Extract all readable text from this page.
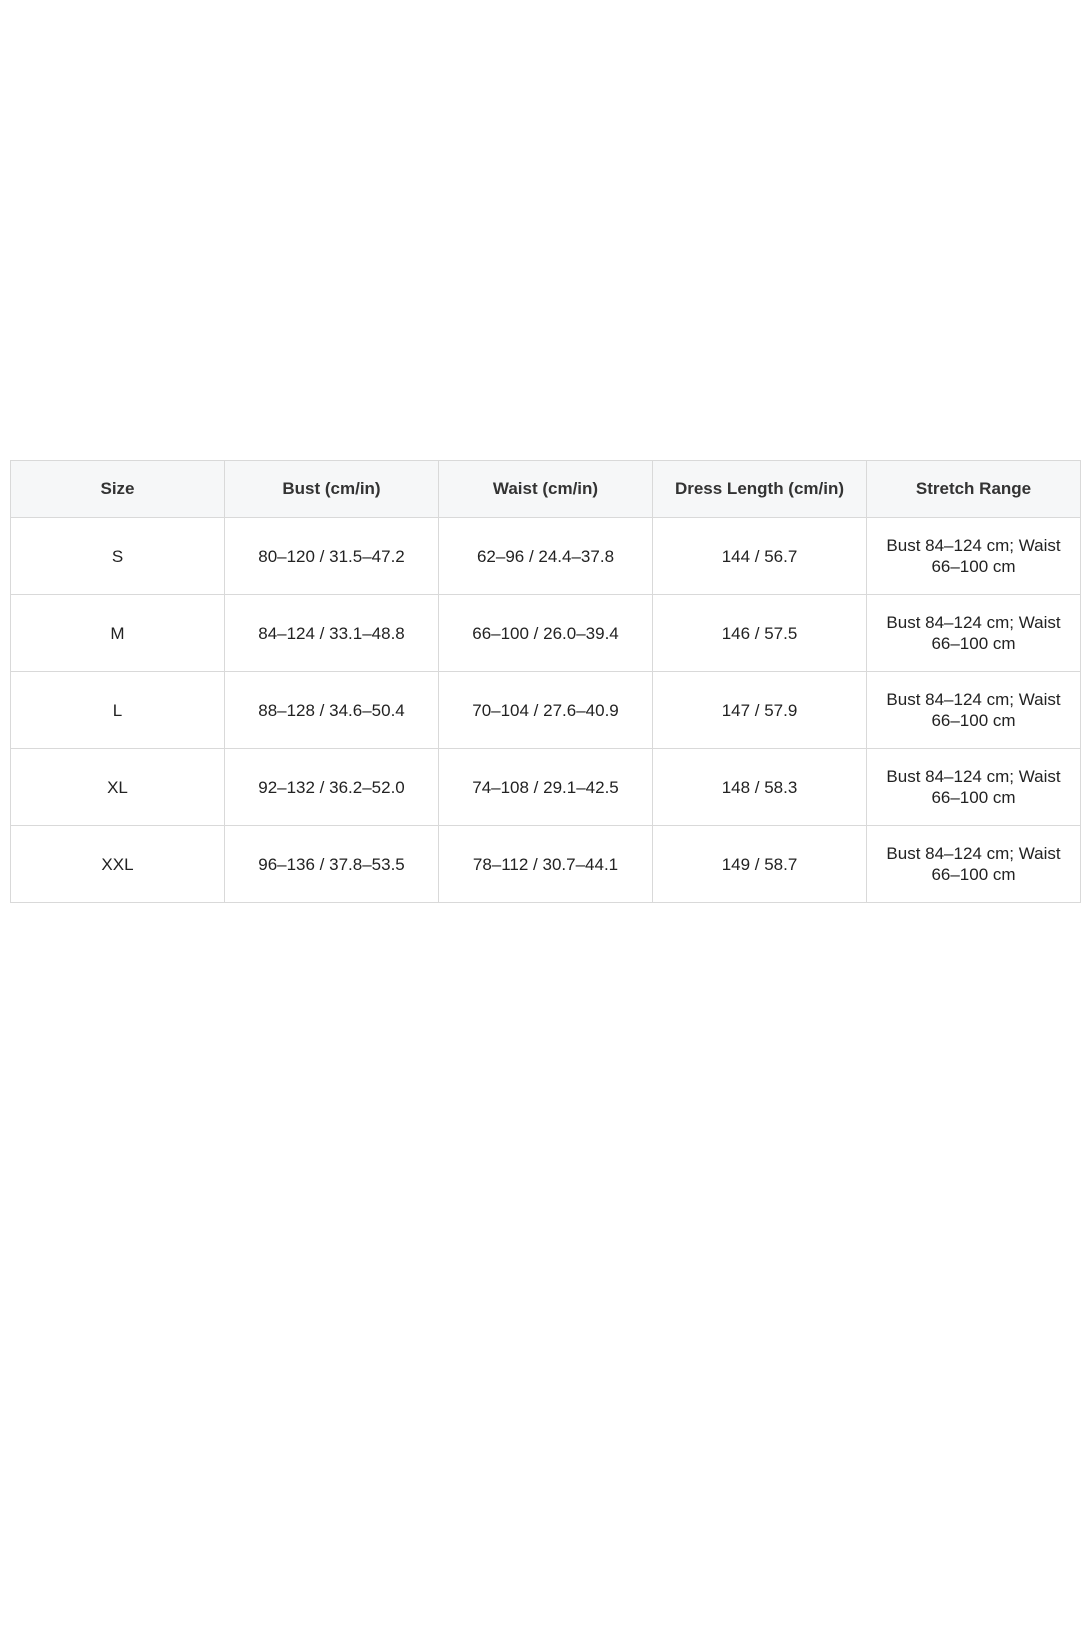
Size	Bust (cm/in)	Waist (cm/in)	Dress Length (cm/in)	Stretch Range
S	80–120 / 31.5–47.2	62–96 / 24.4–37.8	144 / 56.7	Bust 84–124 cm; Waist 66–100 cm
M	84–124 / 33.1–48.8	66–100 / 26.0–39.4	146 / 57.5	Bust 84–124 cm; Waist 66–100 cm
L	88–128 / 34.6–50.4	70–104 / 27.6–40.9	147 / 57.9	Bust 84–124 cm; Waist 66–100 cm
XL	92–132 / 36.2–52.0	74–108 / 29.1–42.5	148 / 58.3	Bust 84–124 cm; Waist 66–100 cm
XXL	96–136 / 37.8–53.5	78–112 / 30.7–44.1	149 / 58.7	Bust 84–124 cm; Waist 66–100 cm
